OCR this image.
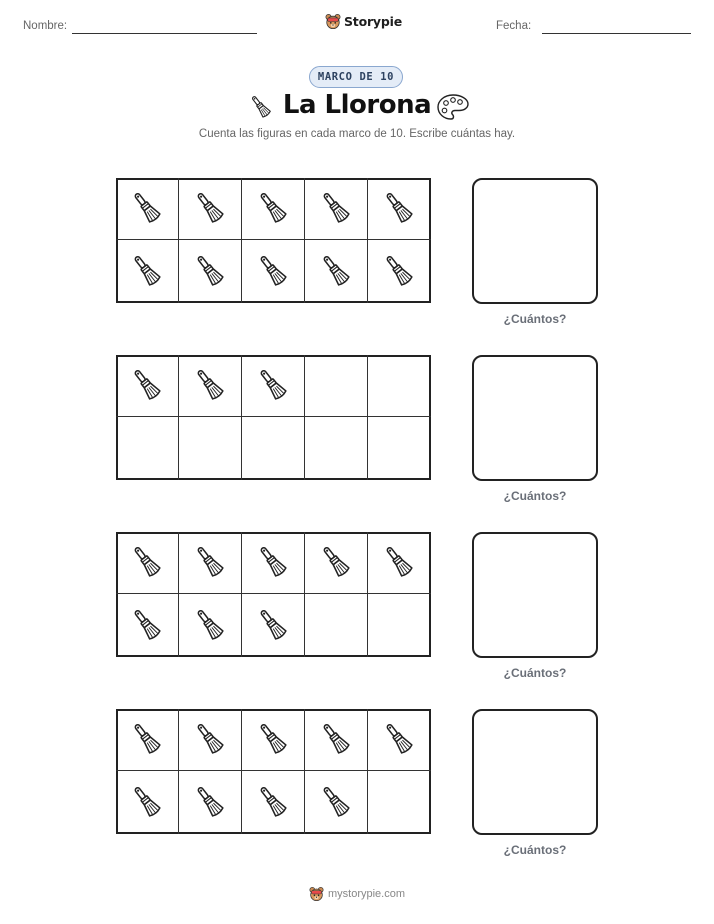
Nombre:	Storypie	Fecha:
MARCO DE 10
La Llorona
Cuenta las figuras en cada marco de 10. Escribe cuántas hay.
¿Cuántos?
¿Cuántos?
¿Cuántos?
¿Cuántos?
mystorypie.com
